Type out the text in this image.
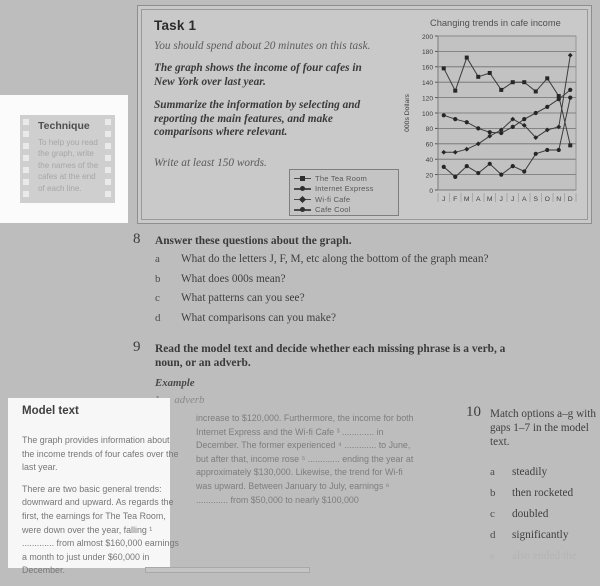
Task 1
You should spend about 20 minutes on this task.
The graph shows the income of four cafes in New York over last year.
Summarize the information by selecting and reporting the main features, and make comparisons where relevant.
Write at least 150 words.
The Tea Room
Internet Express
Wi-fi Cafe
Cafe Cool
Changing trends in cafe income
0
20
40
60
80
100
120
140
160
180
200
J F M A M J J A S O N D
000s Dollars
Technique
To help you read the graph, write the names of the cafes at the end of each line.
8 Answer these questions about the graph.
a What do the letters J, F, M, etc along the bottom of the graph mean?
b What does 000s mean?
c What patterns can you see?
d What comparisons can you make?
9 Read the model text and decide whether each missing phrase is a verb, a noun, or an adverb.
Example
adverb
Model text

The graph provides information about the income trends of four cafes over the last year.

There are two basic general trends: downward and upward. As regards the first, the earnings for The Tea Room, were down over the year, falling ¹ ............. from almost $160,000 earnings a month to just under $60,000 in December.

increase to $120,000. Furthermore, the income for both Internet Express and the Wi-fi Cafe ³ ............. in December. The former experienced ⁴ ............. to June, but after that, income rose ⁵ ............. ending the year at approximately $130,000. Likewise, the trend for Wi-fi was upward. Between January to July, earnings ⁶ ............. from $50,000 to nearly $100,000

10 Match options a–g with gaps 1–7 in the model text.
a steadily
b then rocketed
c doubled
d significantly
e also ended the
